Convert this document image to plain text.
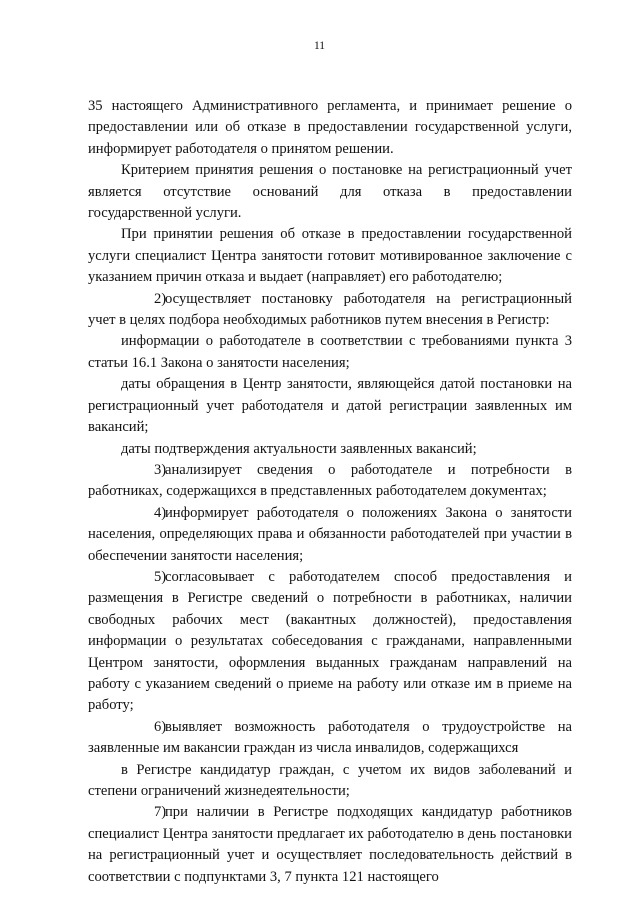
11

35 настоящего Административного регламента, и принимает решение о предоставлении или об отказе в предоставлении государственной услуги, информирует работодателя о принятом решении.

Критерием принятия решения о постановке на регистрационный учет является отсутствие оснований для отказа в предоставлении государственной услуги.

При принятии решения об отказе в предоставлении государственной услуги специалист Центра занятости готовит мотивированное заключение с указанием причин отказа и выдает (направляет) его работодателю;

2)осуществляет постановку работодателя на регистрационный учет в целях подбора необходимых работников путем внесения в Регистр:

информации о работодателе в соответствии с требованиями пункта 3 статьи 16.1 Закона о занятости населения;

даты обращения в Центр занятости, являющейся датой постановки на регистрационный учет работодателя и датой регистрации заявленных им вакансий;

даты подтверждения актуальности заявленных вакансий;

3)анализирует сведения о работодателе и потребности в работниках, содержащихся в представленных работодателем документах;

4)информирует работодателя о положениях Закона о занятости населения, определяющих права и обязанности работодателей при участии в обеспечении занятости населения;

5)согласовывает с работодателем способ предоставления и размещения в Регистре сведений о потребности в работниках, наличии свободных рабочих мест (вакантных должностей), предоставления информации о результатах собеседования с гражданами, направленными Центром занятости, оформления выданных гражданам направлений на работу с указанием сведений о приеме на работу или отказе им в приеме на работу;

6)выявляет возможность работодателя о трудоустройстве на заявленные им вакансии граждан из числа инвалидов, содержащихся

в Регистре кандидатур граждан, с учетом их видов заболеваний и степени ограничений жизнедеятельности;

7)при наличии в Регистре подходящих кандидатур работников специалист Центра занятости предлагает их работодателю в день постановки на регистрационный учет и осуществляет последовательность действий в соответствии с подпунктами 3, 7 пункта 121 настоящего
